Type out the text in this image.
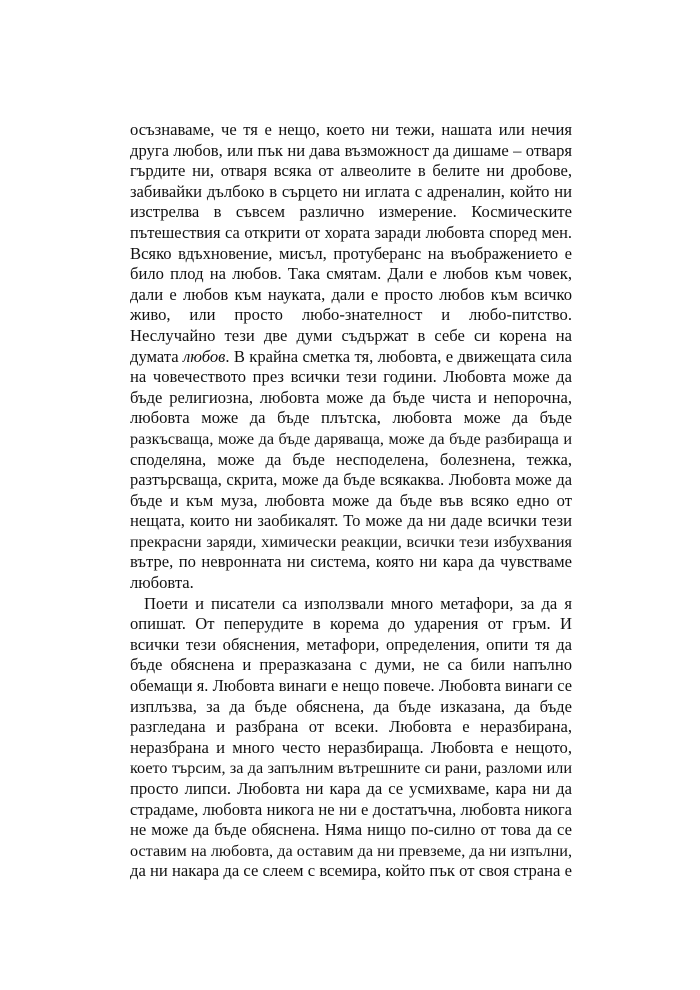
осъзнаваме, че тя е нещо, което ни тежи, нашата или нечия
друга любов, или пък ни дава възможност да дишаме – отваря
гърдите ни, отваря всяка от алвеолите в белите ни дробове,
забивайки дълбоко в сърцето ни иглата с адреналин, който ни
изстрелва в съвсем различно измерение. Космическите
пътешествия са открити от хората заради любовта според мен.
Всяко вдъхновение, мисъл, протуберанс на въображението е
било плод на любов. Така смятам. Дали е любов към човек,
дали е любов към науката, дали е просто любов към всичко
живо, или просто любо-знателност и любо-питство.
Неслучайно тези две думи съдържат в себе си корена на
думата любов. В крайна сметка тя, любовта, е движещата сила
на човечеството през всички тези години. Любовта може да
бъде религиозна, любовта може да бъде чиста и непорочна,
любовта може да бъде плътска, любовта може да бъде
разкъсваща, може да бъде даряваща, може да бъде разбираща и
споделяна, може да бъде несподелена, болезнена, тежка,
разтърсваща, скрита, може да бъде всякаква. Любовта може да
бъде и към муза, любовта може да бъде във всяко едно от
нещата, които ни заобикалят. То може да ни даде всички тези
прекрасни заряди, химически реакции, всички тези избухвания
вътре, по невронната ни система, която ни кара да чувстваме
любовта.

Поети и писатели са използвали много метафори, за да я
опишат. От пеперудите в корема до ударения от гръм. И
всички тези обяснения, метафори, определения, опити тя да
бъде обяснена и преразказана с думи, не са били напълно
обемащи я. Любовта винаги е нещо повече. Любовта винаги се
изплъзва, за да бъде обяснена, да бъде изказана, да бъде
разгледана и разбрана от всеки. Любовта е неразбирана,
неразбрана и много често неразбираща. Любовта е нещото,
което търсим, за да запълним вътрешните си рани, разломи или
просто липси. Любовта ни кара да се усмихваме, кара ни да
страдаме, любовта никога не ни е достатъчна, любовта никога
не може да бъде обяснена. Няма нищо по-силно от това да се
оставим на любовта, да оставим да ни превземе, да ни изпълни,
да ни накара да се слеем с всемира, който пък от своя страна е
